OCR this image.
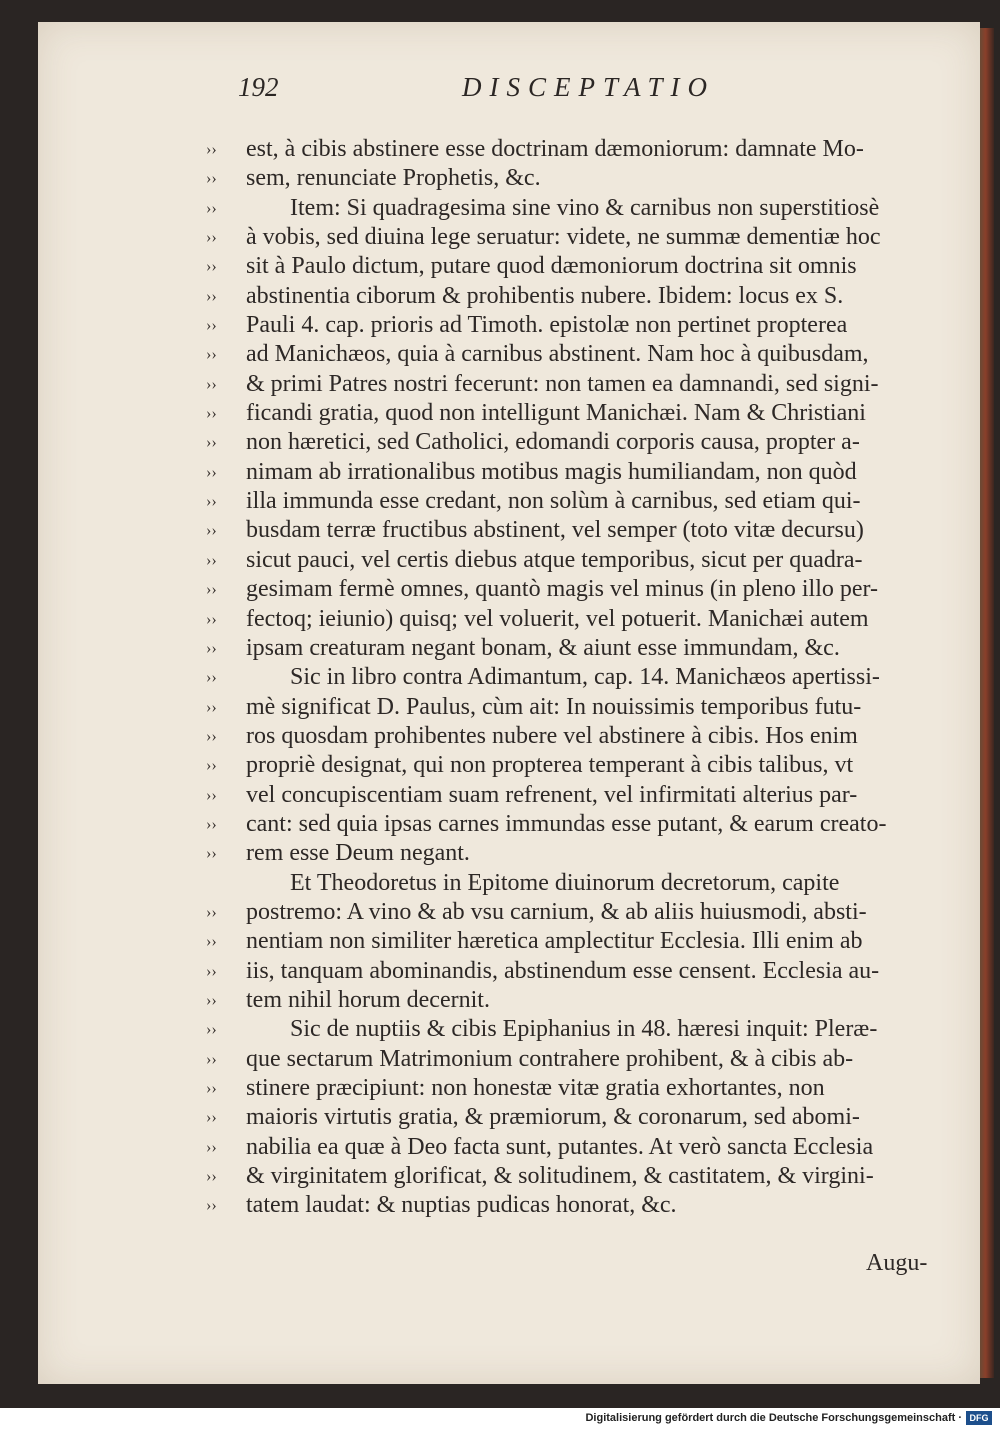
192	DISCEPTATIO
››	est, à cibis abstinere esse doctrinam dæmoniorum: damnate Mo-
››	sem, renunciate Prophetis, &c.
››	Item: Si quadragesima sine vino & carnibus non superstitiosè
››	à vobis, sed diuina lege seruatur: videte, ne summæ dementiæ hoc
››	sit à Paulo dictum, putare quod dæmoniorum doctrina sit omnis
››	abstinentia ciborum & prohibentis nubere. Ibidem: locus ex S.
››	Pauli 4. cap. prioris ad Timoth. epistolæ non pertinet propterea
››	ad Manichæos, quia à carnibus abstinent. Nam hoc à quibusdam,
››	& primi Patres nostri fecerunt: non tamen ea damnandi, sed signi-
››	ficandi gratia, quod non intelligunt Manichæi. Nam & Christiani
››	non hæretici, sed Catholici, edomandi corporis causa, propter a-
››	nimam ab irrationalibus motibus magis humiliandam, non quòd
››	illa immunda esse credant, non solùm à carnibus, sed etiam qui-
››	busdam terræ fructibus abstinent, vel semper (toto vitæ decursu)
››	sicut pauci, vel certis diebus atque temporibus, sicut per quadra-
››	gesimam fermè omnes, quantò magis vel minus (in pleno illo per-
››	fectoq; ieiunio) quisq; vel voluerit, vel potuerit. Manichæi autem
››	ipsam creaturam negant bonam, & aiunt esse immundam, &c.
››	Sic in libro contra Adimantum, cap. 14. Manichæos apertissi-
››	mè significat D. Paulus, cùm ait: In nouissimis temporibus futu-
››	ros quosdam prohibentes nubere vel abstinere à cibis. Hos enim
››	propriè designat, qui non propterea temperant à cibis talibus, vt
››	vel concupiscentiam suam refrenent, vel infirmitati alterius par-
››	cant: sed quia ipsas carnes immundas esse putant, & earum creato-
››	rem esse Deum negant.
Et Theodoretus in Epitome diuinorum decretorum, capite
››	postremo: A vino & ab vsu carnium, & ab aliis huiusmodi, absti-
››	nentiam non similiter hæretica amplectitur Ecclesia. Illi enim ab
››	iis, tanquam abominandis, abstinendum esse censent. Ecclesia au-
››	tem nihil horum decernit.
››	Sic de nuptiis & cibis Epiphanius in 48. hæresi inquit: Pleræ-
››	que sectarum Matrimonium contrahere prohibent, & à cibis ab-
››	stinere præcipiunt: non honestæ vitæ gratia exhortantes, non
››	maioris virtutis gratia, & præmiorum, & coronarum, sed abomi-
››	nabilia ea quæ à Deo facta sunt, putantes. At verò sancta Ecclesia
››	& virginitatem glorificat, & solitudinem, & castitatem, & virgini-
››	tatem laudat: & nuptias pudicas honorat, &c.
Augu-
Digitalisierung gefördert durch die Deutsche Forschungsgemeinschaft · DFG
